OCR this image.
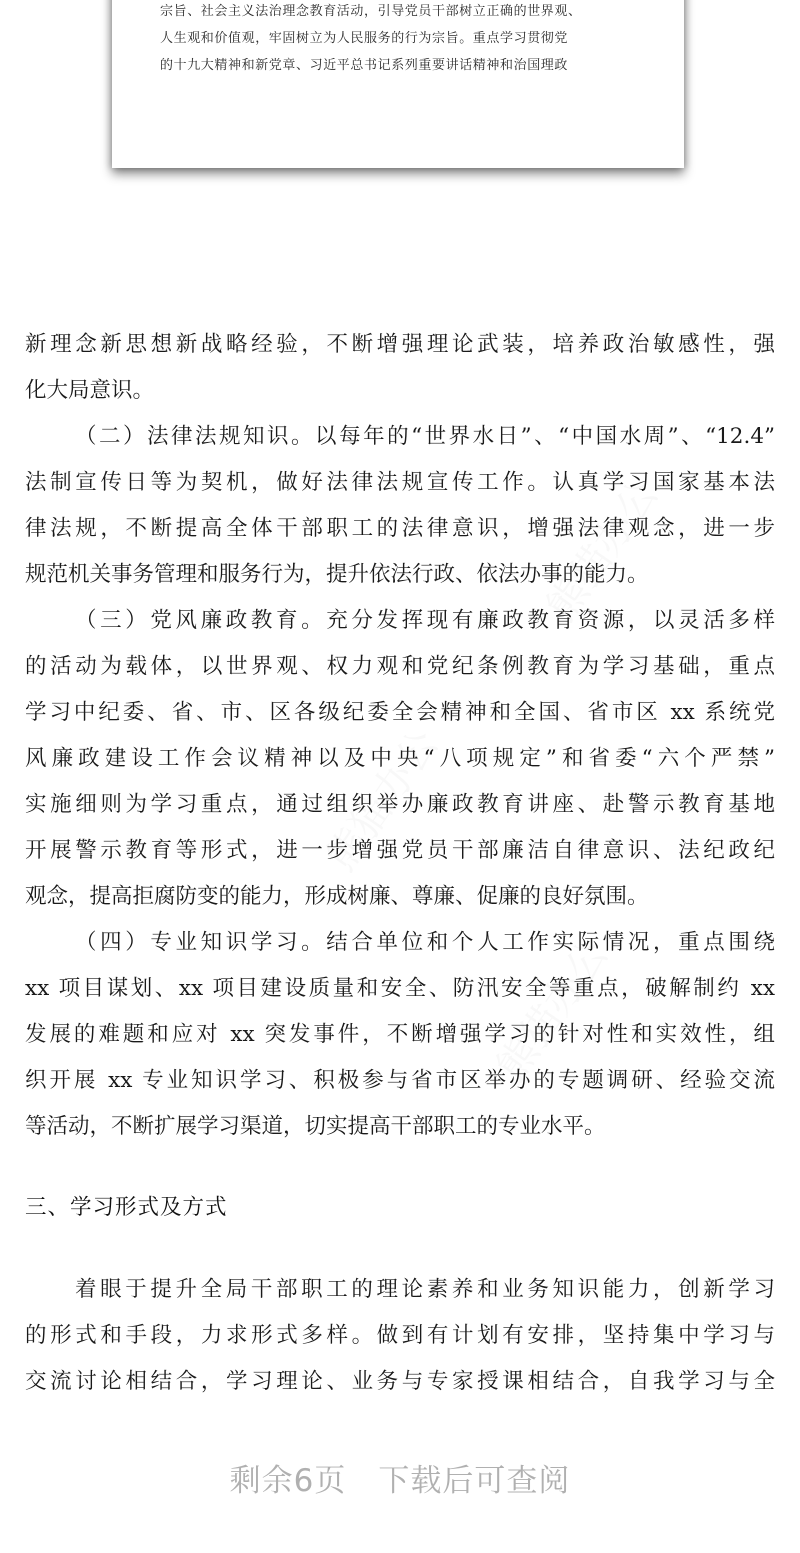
宗旨、社会主义法治理念教育活动，引导党员干部树立正确的世界观、
人生观和价值观，牢固树立为人民服务的行为宗旨。重点学习贯彻党
的十九大精神和新党章、习近平总书记系列重要讲话精神和治国理政
熊猫办公
熊猫办公
熊猫办公
新理念新思想新战略经验，不断增强理论武装，培养政治敏感性，强
化大局意识。
（二）法律法规知识。以每年的“世界水日”、“中国水周”、“12.4”
法制宣传日等为契机，做好法律法规宣传工作。认真学习国家基本法
律法规，不断提高全体干部职工的法律意识，增强法律观念，进一步
规范机关事务管理和服务行为，提升依法行政、依法办事的能力。
（三）党风廉政教育。充分发挥现有廉政教育资源，以灵活多样
的活动为载体，以世界观、权力观和党纪条例教育为学习基础，重点
学习中纪委、省、市、区各级纪委全会精神和全国、省市区 xx 系统党
风廉政建设工作会议精神以及中央“八项规定”和省委“六个严禁”
实施细则为学习重点，通过组织举办廉政教育讲座、赴警示教育基地
开展警示教育等形式，进一步增强党员干部廉洁自律意识、法纪政纪
观念，提高拒腐防变的能力，形成树廉、尊廉、促廉的良好氛围。
（四）专业知识学习。结合单位和个人工作实际情况，重点围绕
xx 项目谋划、xx 项目建设质量和安全、防汛安全等重点，破解制约 xx
发展的难题和应对 xx 突发事件，不断增强学习的针对性和实效性，组
织开展 xx 专业知识学习、积极参与省市区举办的专题调研、经验交流
等活动，不断扩展学习渠道，切实提高干部职工的专业水平。
三、学习形式及方式
着眼于提升全局干部职工的理论素养和业务知识能力，创新学习
的形式和手段，力求形式多样。做到有计划有安排，坚持集中学习与
交流讨论相结合，学习理论、业务与专家授课相结合，自我学习与全
剩余6页　下载后可查阅
